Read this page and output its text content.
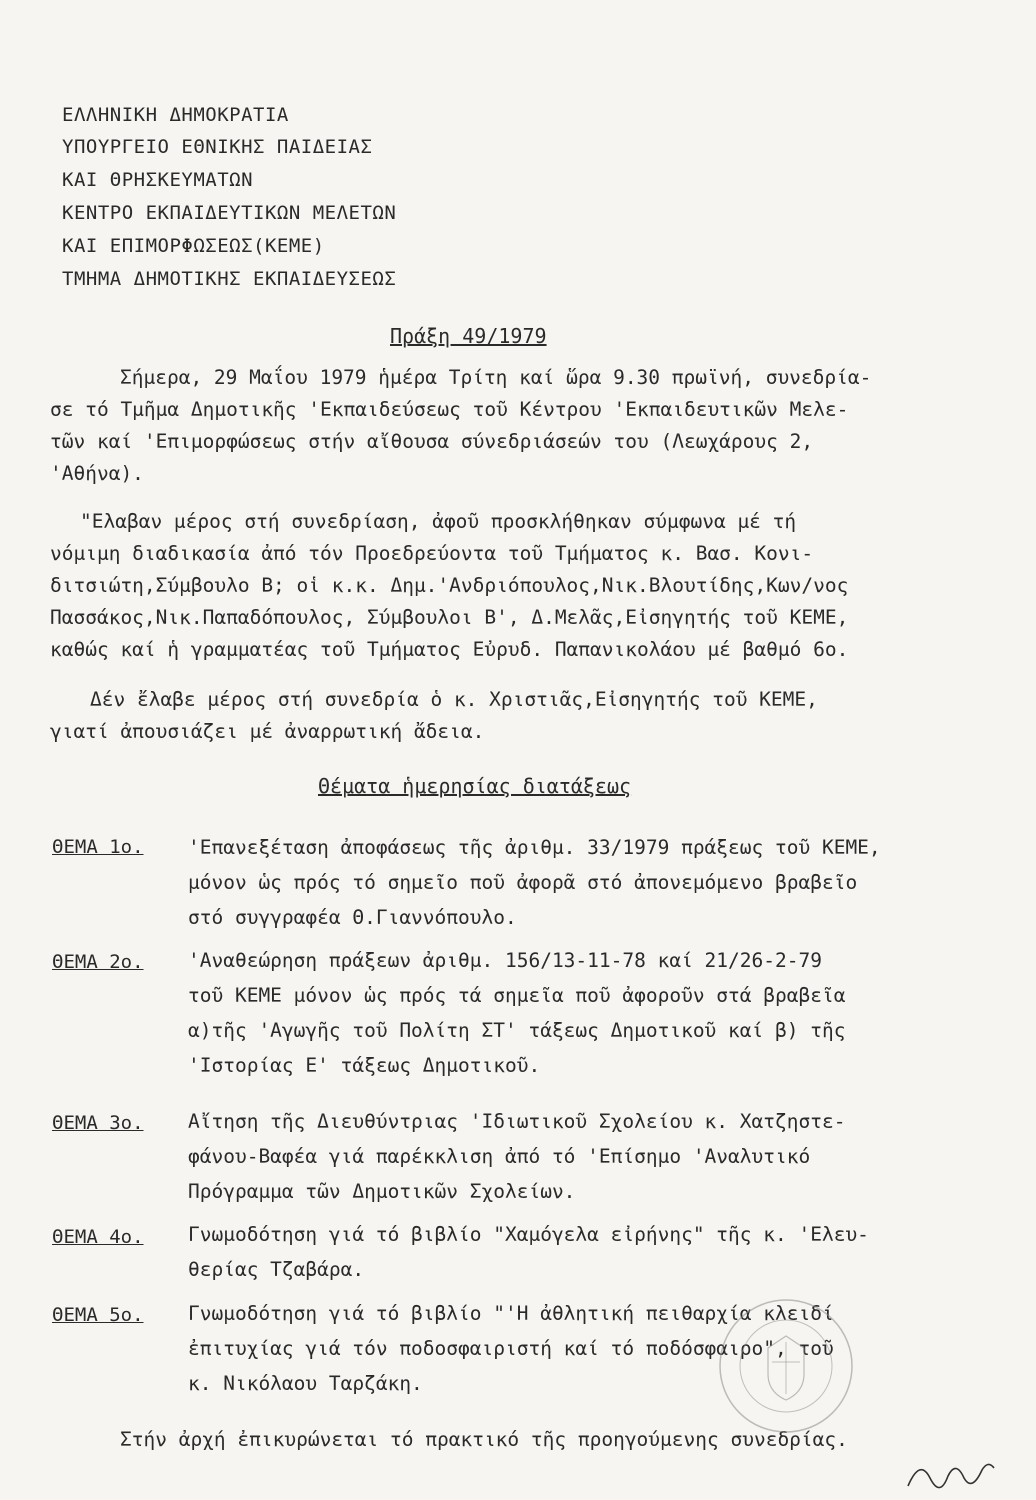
ΕΛΛΗΝΙΚΗ ΔΗΜΟΚΡΑΤΙΑ
ΥΠΟΥΡΓΕΙΟ ΕΘΝΙΚΗΣ ΠΑΙΔΕΙΑΣ
ΚΑΙ ΘΡΗΣΚΕΥΜΑΤΩΝ
ΚΕΝΤΡΟ ΕΚΠΑΙΔΕΥΤΙΚΩΝ ΜΕΛΕΤΩΝ
ΚΑΙ ΕΠΙΜΟΡΦΩΣΕΩΣ(ΚΕΜΕ)
ΤΜΗΜΑ ΔΗΜΟΤΙΚΗΣ ΕΚΠΑΙΔΕΥΣΕΩΣ
Πράξη 49/1979
Σήμερα, 29 Μαΐου 1979 ἡμέρα Τρίτη καί ὥρα 9.30 πρωϊνή, συνεδρία-
σε τό Τμῆμα Δημοτικῆς 'Εκπαιδεύσεως τοῦ Κέντρου 'Εκπαιδευτικῶν Μελε-
τῶν καί 'Επιμορφώσεως στήν αἴθουσα σύνεδριάσεών του (Λεωχάρους 2,
'Αθήνα).
"Ελαβαν μέρος στή συνεδρίαση, ἀφοῦ προσκλήθηκαν σύμφωνα μέ τή
νόμιμη διαδικασία ἀπό τόν Προεδρεύοντα τοῦ Τμήματος κ. Βασ. Κονι-
διτσιώτη,Σύμβουλο Β; οἱ κ.κ. Δημ.'Ανδριόπουλος,Νικ.Βλουτίδης,Κων/νος
Πασσάκος,Νικ.Παπαδόπουλος, Σύμβουλοι Β', Δ.Μελᾶς,Εἰσηγητής τοῦ ΚΕΜΕ,
καθώς καί ἡ γραμματέας τοῦ Τμήματος Εὐρυδ. Παπανικολάου μέ βαθμό 6ο.
Δέν ἔλαβε μέρος στή συνεδρία ὁ κ. Χριστιᾶς,Εἰσηγητής τοῦ ΚΕΜΕ,
γιατί ἀπουσιάζει μέ ἀναρρωτική ἄδεια.
Θέματα ἡμερησίας διατάξεως
ΘΕΜΑ 1ο. 'Επανεξέταση ἀποφάσεως τῆς ἀριθμ. 33/1979 πράξεως τοῦ ΚΕΜΕ,
μόνον ὡς πρός τό σημεῖο ποῦ ἀφορᾶ στό ἀπονεμόμενο βραβεῖο
στό συγγραφέα Θ.Γιαννόπουλο.
ΘΕΜΑ 2ο. 'Αναθεώρηση πράξεων ἀριθμ. 156/13-11-78 καί 21/26-2-79
τοῦ ΚΕΜΕ μόνον ὡς πρός τά σημεῖα ποῦ ἀφοροῦν στά βραβεῖα
α)τῆς 'Αγωγῆς τοῦ Πολίτη ΣΤ' τάξεως Δημοτικοῦ καί β) τῆς
'Ιστορίας Ε' τάξεως Δημοτικοῦ.
ΘΕΜΑ 3ο. Αἴτηση τῆς Διευθύντριας 'Ιδιωτικοῦ Σχολείου κ. Χατζηστε-
φάνου-Βαφέα γιά παρέκκλιση ἀπό τό 'Επίσημο 'Αναλυτικό
Πρόγραμμα τῶν Δημοτικῶν Σχολείων.
ΘΕΜΑ 4ο. Γνωμοδότηση γιά τό βιβλίο "Χαμόγελα εἰρήνης" τῆς κ. 'Ελευ-
θερίας Τζαβάρα.
ΘΕΜΑ 5ο. Γνωμοδότηση γιά τό βιβλίο "'Η ἀθλητική πειθαρχία κλειδί
ἐπιτυχίας γιά τόν ποδοσφαιριστή καί τό ποδόσφαιρο", τοῦ
κ. Νικόλαου Ταρζάκη.
Στήν ἀρχή ἐπικυρώνεται τό πρακτικό τῆς προηγούμενης συνεδρίας.
